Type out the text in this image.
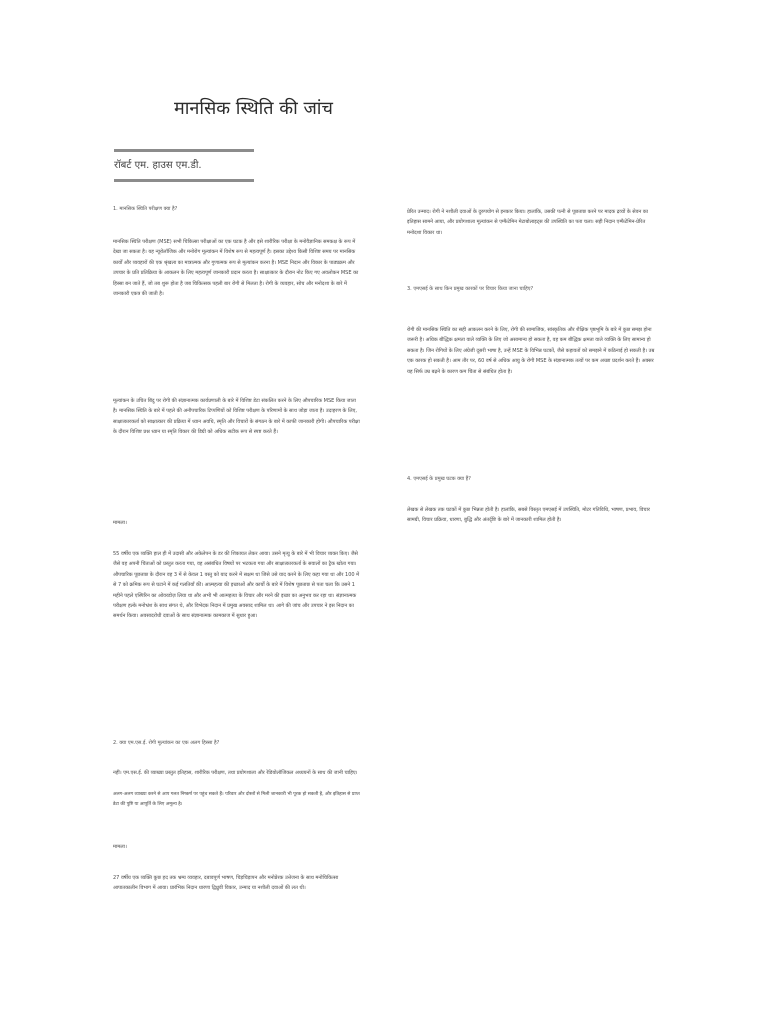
मानसिक स्थिति की जांच
रॉबर्ट एम. हाउस एम.डी.

1. मानसिक स्थिति परीक्षण क्या है?

मानसिक स्थिति परीक्षण (MSE) सभी चिकित्सा परीक्षाओं का एक घटक है और इसे शारीरिक परीक्षा के मनोवैज्ञानिक समकक्ष के रूप में देखा जा सकता है। यह न्यूरोलॉजिक और मनोरोग मूल्यांकन में विशेष रूप से महत्वपूर्ण है। इसका उद्देश्य किसी विशिष्ट समय पर मानसिक कार्यों और व्यवहारों की एक श्रृंखला का मात्रात्मक और गुणात्मक रूप से मूल्यांकन करना है। MSE निदान और विकार के पाठ्यक्रम और उपचार के प्रति प्रतिक्रिया के आकलन के लिए महत्वपूर्ण जानकारी प्रदान करता है। साक्षात्कार के दौरान नोट किए गए अवलोकन MSE का हिस्सा बन जाते हैं, जो तब शुरू होता है जब चिकित्सक पहली बार रोगी से मिलता है। रोगी के व्यवहार, सोच और मनोदशा के बारे में जानकारी एकत्र की जाती है।

मूल्यांकन के उचित बिंदु पर रोगी की संज्ञानात्मक कार्यप्रणाली के बारे में विशिष्ट डेटा संकलित करने के लिए औपचारिक MSE किया जाता है। मानसिक स्थिति के बारे में पहले की अनौपचारिक टिप्पणियों को विशिष्ट परीक्षण के परिणामों के साथ जोड़ा जाता है। उदाहरण के लिए, साक्षात्कारकर्ता को साक्षात्कार की प्रक्रिया में ध्यान अवधि, स्मृति और विचारों के संगठन के बारे में काफी जानकारी होगी। औपचारिक परीक्षा के दौरान विशिष्ट प्रश्न ध्यान या स्मृति विकार की डिग्री को अधिक सटीक रूप से स्पष्ट करते हैं।

मामला।

55 वर्षीय एक व्यक्ति हाल ही में उदासी और अकेलेपन के डर की शिकायत लेकर आया। उसने मृत्यु के बारे में भी विचार व्यक्त किए। जैसे जैसे वह अपनी चिंताओं को प्रस्तुत करता गया, वह असंबंधित विषयों पर भटकता गया और साक्षात्कारकर्ता के सवालों का ट्रैक खोता गया। औपचारिक पूछताछ के दौरान वह 3 में से केवल 1 वस्तु को याद करने में सक्षम था जिसे उसे याद करने के लिए कहा गया था और 100 में से 7 को क्रमिक रूप से घटाने में कई गलतियाँ कीं। आत्महत्या की इच्छाओं और कार्यों के बारे में विशेष पूछताछ से पता चला कि उसने 1 महीने पहले एस्पिरिन का ओवरडोज़ लिया था और अभी भी आत्महत्या के विचार और मरने की इच्छा का अनुभव कर रहा था। संज्ञानात्मक परीक्षण हल्के मनोभ्रंश के साथ संगत थे, और विभेदक निदान में प्रमुख अवसाद शामिल था। आगे की जांच और उपचार ने इस निदान का समर्थन किया। अवसादरोधी दवाओं के साथ संज्ञानात्मक कामकाज में सुधार हुआ।

2. क्या एम.एस.ई. रोगी मूल्यांकन का एक अलग हिस्सा है?

नहीं। एम.एस.ई. की व्याख्या प्रस्तुत इतिहास, शारीरिक परीक्षण, तथा प्रयोगशाला और रेडियोलॉजिकल अध्ययनों के साथ की जानी चाहिए।

अलग-अलग व्याख्या करने से आप गलत निष्कर्ष पर पहुंच सकते हैं। परिवार और दोस्तों से मिली जानकारी भी पूरक हो सकती है, और इतिहास से प्राप्त डेटा की पुष्टि या आपूर्ति के लिए अमूल्य है।

मामला।

27 वर्षीय एक व्यक्ति कुछ हद तक भ्रम्य व्यवहार, दबावपूर्ण भाषण, चिड़चिड़ापन और मनोप्रेरक उत्तेजना के साथ मनोचिकित्सा आपातकालीन विभाग में आया। प्रारंभिक निदान धारणा द्विध्रुवी विकार, उन्माद या नशीली दवाओं की लत थी।

प्रेरित उन्माद। रोगी ने नशीली दवाओं के दुरुपयोग से इनकार किया। हालांकि, उसकी पत्नी से पूछताछ करने पर मादक द्रव्यों के सेवन का इतिहास सामने आया, और प्रयोगशाला मूल्यांकन से एम्फैटेमिन मेटाबोलाइट्स की उपस्थिति का पता चला। सही निदान एम्फैटेमिन-प्रेरित मनोदशा विकार था।

3. एमएसई के साथ किन प्रमुख कारकों पर विचार किया जाना चाहिए?

रोगी की मानसिक स्थिति का सही आकलन करने के लिए, रोगी की सामाजिक, सांस्कृतिक और शैक्षिक पृष्ठभूमि के बारे में कुछ समझ होना जरूरी है। अधिक बौद्धिक क्षमता वाले व्यक्ति के लिए जो असामान्य हो सकता है, वह कम बौद्धिक क्षमता वाले व्यक्ति के लिए सामान्य हो सकता है। जिन रोगियों के लिए अंग्रेजी दूसरी भाषा है, उन्हें MSE के विभिन्न घटकों, जैसे कहावतों को समझने में कठिनाई हो सकती है। उम्र एक कारक हो सकती है। आम तौर पर, 60 वर्ष से अधिक आयु के रोगी MSE के संज्ञानात्मक तत्वों पर कम अच्छा प्रदर्शन करते हैं। अक्सर यह सिर्फ उम्र बढ़ने के कारण कम चिंता से संबंधित होता है।

4. एमएसई के प्रमुख घटक क्या हैं?

लेखक से लेखक तक घटकों में कुछ भिन्नता होती है। हालांकि, सबसे विस्तृत एमएसई में उपस्थिति, मोटर गतिविधि, भाषण, प्रभाव, विचार सामग्री, विचार प्रक्रिया, धारणा, बुद्धि और अंतर्दृष्टि के बारे में जानकारी शामिल होती है।
